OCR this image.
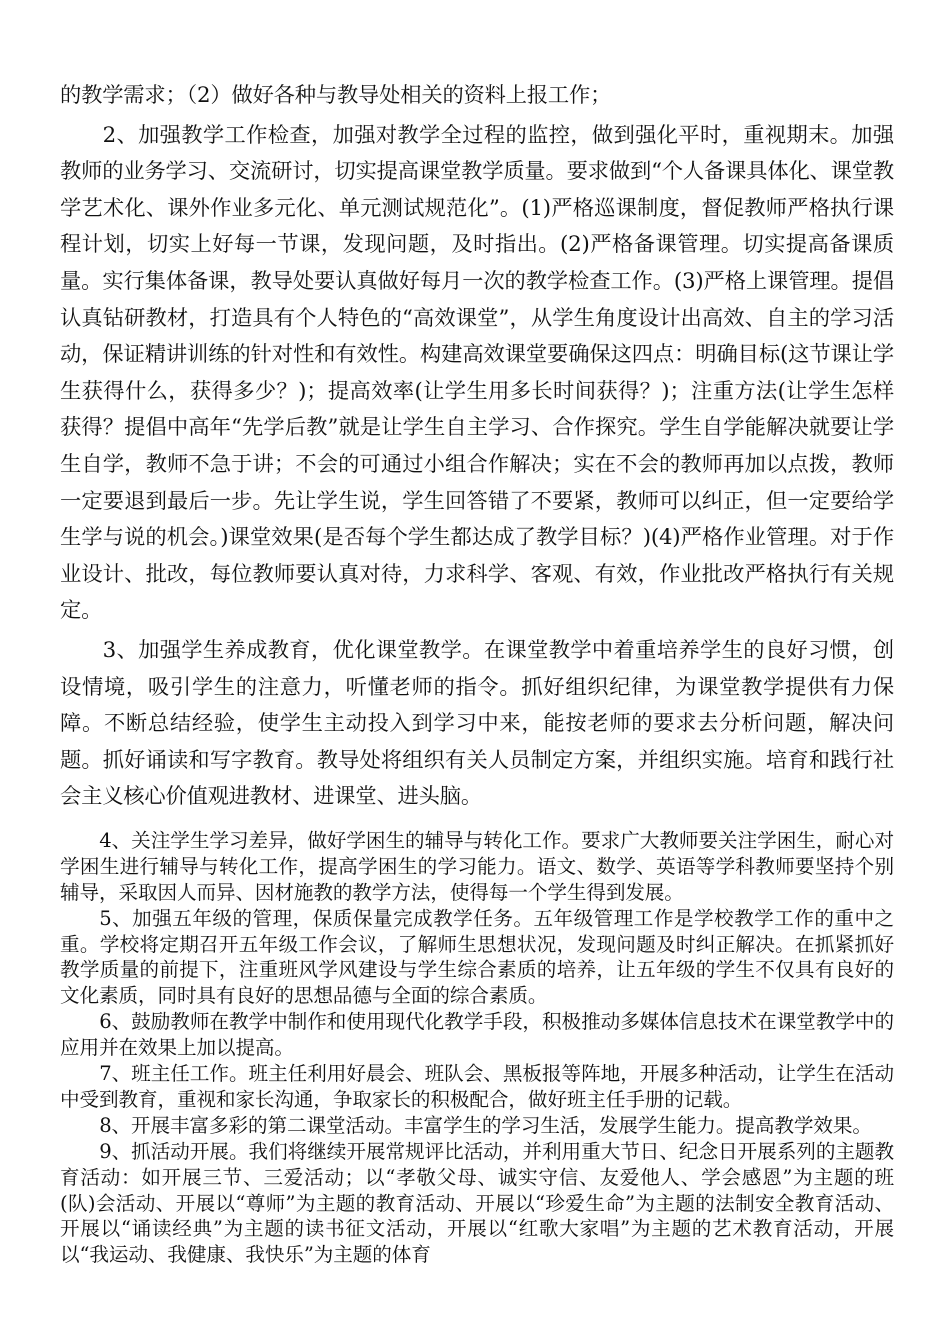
的教学需求；（2）做好各种与教导处相关的资料上报工作；

2、加强教学工作检查，加强对教学全过程的监控，做到强化平时，重视期末。加强教师的业务学习、交流研讨，切实提高课堂教学质量。要求做到“个人备课具体化、课堂教学艺术化、课外作业多元化、单元测试规范化”。(1)严格巡课制度，督促教师严格执行课程计划，切实上好每一节课，发现问题，及时指出。(2)严格备课管理。切实提高备课质量。实行集体备课，教导处要认真做好每月一次的教学检查工作。(3)严格上课管理。提倡认真钻研教材，打造具有个人特色的“高效课堂”，从学生角度设计出高效、自主的学习活动，保证精讲训练的针对性和有效性。构建高效课堂要确保这四点：明确目标(这节课让学生获得什么，获得多少？)；提高效率(让学生用多长时间获得？)；注重方法(让学生怎样获得？提倡中高年“先学后教”就是让学生自主学习、合作探究。学生自学能解决就要让学生自学，教师不急于讲；不会的可通过小组合作解决；实在不会的教师再加以点拨，教师一定要退到最后一步。先让学生说，学生回答错了不要紧，教师可以纠正，但一定要给学生学与说的机会。)课堂效果(是否每个学生都达成了教学目标？)(4)严格作业管理。对于作业设计、批改，每位教师要认真对待，力求科学、客观、有效，作业批改严格执行有关规定。

3、加强学生养成教育，优化课堂教学。在课堂教学中着重培养学生的良好习惯，创设情境，吸引学生的注意力，听懂老师的指令。抓好组织纪律，为课堂教学提供有力保障。不断总结经验，使学生主动投入到学习中来，能按老师的要求去分析问题，解决问题。抓好诵读和写字教育。教导处将组织有关人员制定方案，并组织实施。培育和践行社会主义核心价值观进教材、进课堂、进头脑。

4、关注学生学习差异，做好学困生的辅导与转化工作。要求广大教师要关注学困生，耐心对学困生进行辅导与转化工作，提高学困生的学习能力。语文、数学、英语等学科教师要坚持个别辅导，采取因人而异、因材施教的教学方法，使得每一个学生得到发展。

5、加强五年级的管理，保质保量完成教学任务。五年级管理工作是学校教学工作的重中之重。学校将定期召开五年级工作会议，了解师生思想状况，发现问题及时纠正解决。在抓紧抓好教学质量的前提下，注重班风学风建设与学生综合素质的培养，让五年级的学生不仅具有良好的文化素质，同时具有良好的思想品德与全面的综合素质。

6、鼓励教师在教学中制作和使用现代化教学手段，积极推动多媒体信息技术在课堂教学中的应用并在效果上加以提高。

7、班主任工作。班主任利用好晨会、班队会、黑板报等阵地，开展多种活动，让学生在活动中受到教育，重视和家长沟通，争取家长的积极配合，做好班主任手册的记载。

8、开展丰富多彩的第二课堂活动。丰富学生的学习生活，发展学生能力。提高教学效果。

9、抓活动开展。我们将继续开展常规评比活动，并利用重大节日、纪念日开展系列的主题教育活动：如开展三节、三爱活动；以“孝敬父母、诚实守信、友爱他人、学会感恩”为主题的班(队)会活动、开展以“尊师”为主题的教育活动、开展以“珍爱生命”为主题的法制安全教育活动、开展以“诵读经典”为主题的读书征文活动，开展以“红歌大家唱”为主题的艺术教育活动，开展以“我运动、我健康、我快乐”为主题的体育
